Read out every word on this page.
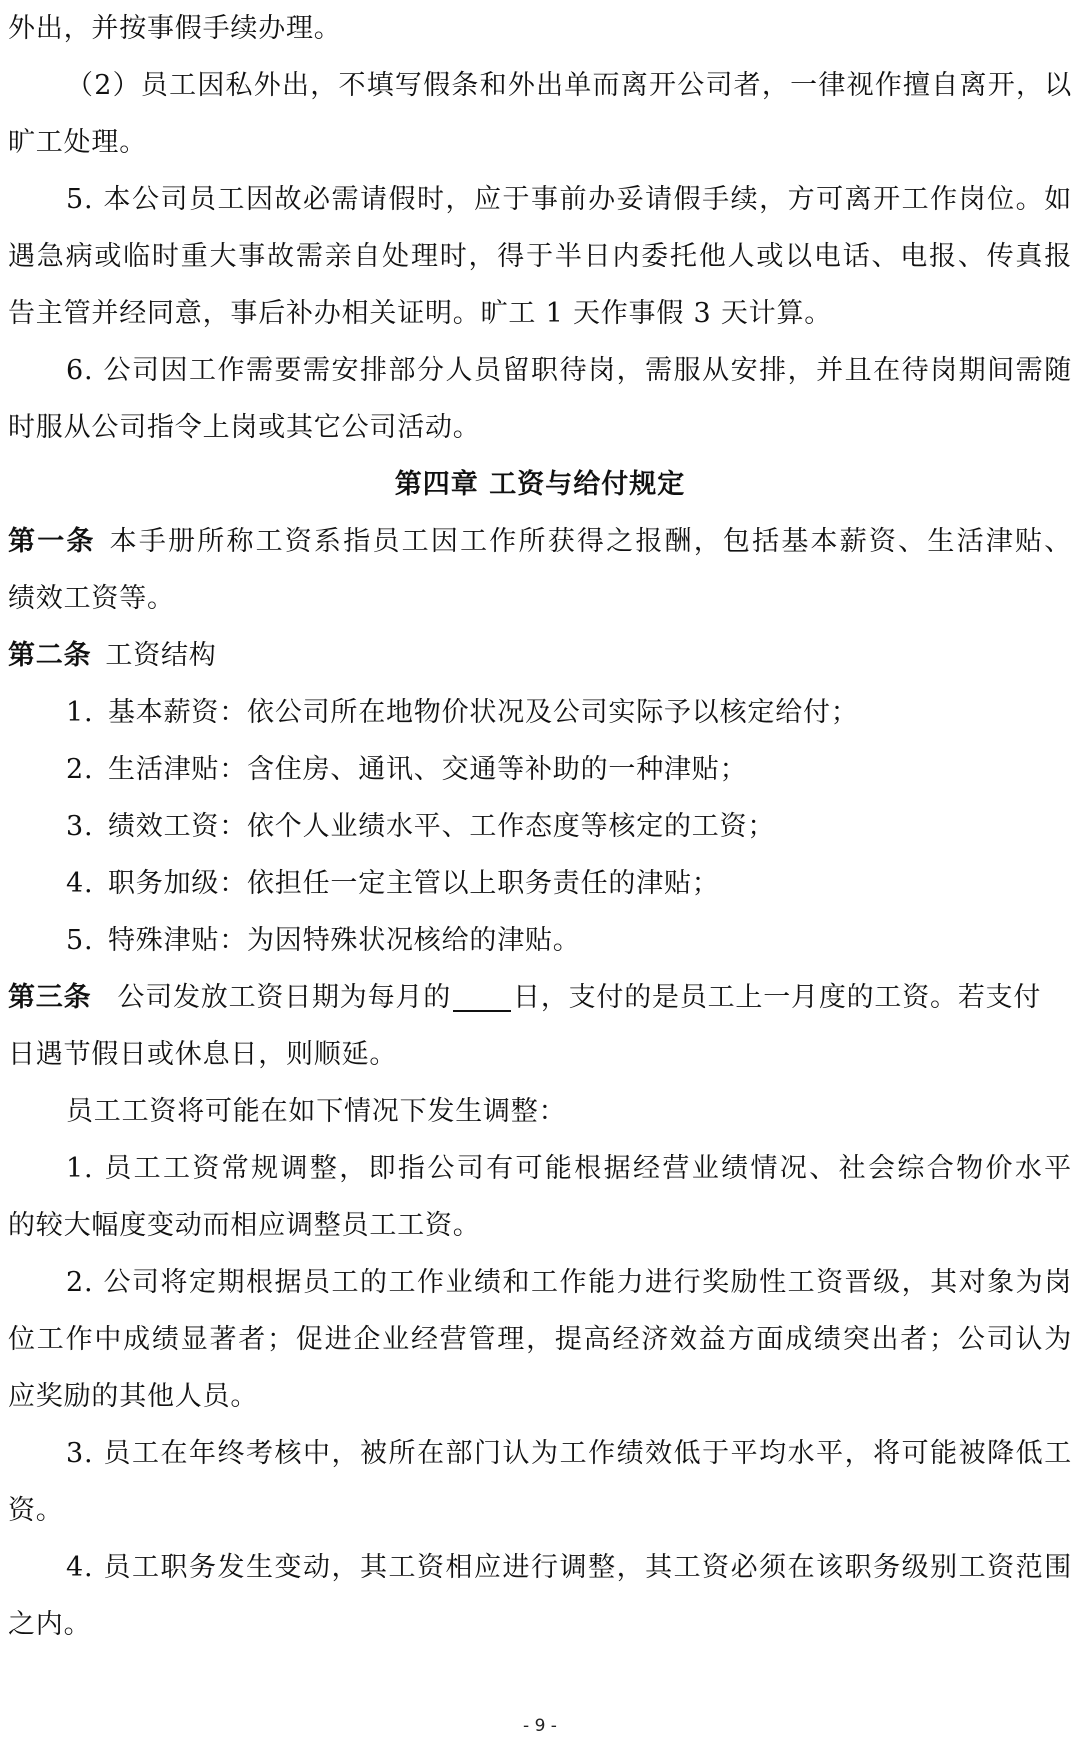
外出，并按事假手续办理。
（2）员工因私外出，不填写假条和外出单而离开公司者，一律视作擅自离开，以
旷工处理。
5. 本公司员工因故必需请假时，应于事前办妥请假手续，方可离开工作岗位。如
遇急病或临时重大事故需亲自处理时，得于半日内委托他人或以电话、电报、传真报
告主管并经同意，事后补办相关证明。旷工 1 天作事假 3 天计算。
6. 公司因工作需要需安排部分人员留职待岗，需服从安排，并且在待岗期间需随
时服从公司指令上岗或其它公司活动。
第四章 工资与给付规定
第一条 本手册所称工资系指员工因工作所获得之报酬，包括基本薪资、生活津贴、
绩效工资等。
第二条 工资结构
1. 基本薪资：依公司所在地物价状况及公司实际予以核定给付；
2. 生活津贴：含住房、通讯、交通等补助的一种津贴；
3. 绩效工资：依个人业绩水平、工作态度等核定的工资；
4. 职务加级：依担任一定主管以上职务责任的津贴；
5. 特殊津贴：为因特殊状况核给的津贴。
第三条 公司发放工资日期为每月的 日，支付的是员工上一月度的工资。若支付
日遇节假日或休息日，则顺延。
员工工资将可能在如下情况下发生调整：
1. 员工工资常规调整，即指公司有可能根据经营业绩情况、社会综合物价水平
的较大幅度变动而相应调整员工工资。
2. 公司将定期根据员工的工作业绩和工作能力进行奖励性工资晋级，其对象为岗
位工作中成绩显著者；促进企业经营管理，提高经济效益方面成绩突出者；公司认为
应奖励的其他人员。
3. 员工在年终考核中，被所在部门认为工作绩效低于平均水平，将可能被降低工
资。
4. 员工职务发生变动，其工资相应进行调整，其工资必须在该职务级别工资范围
之内。
- 9 -
